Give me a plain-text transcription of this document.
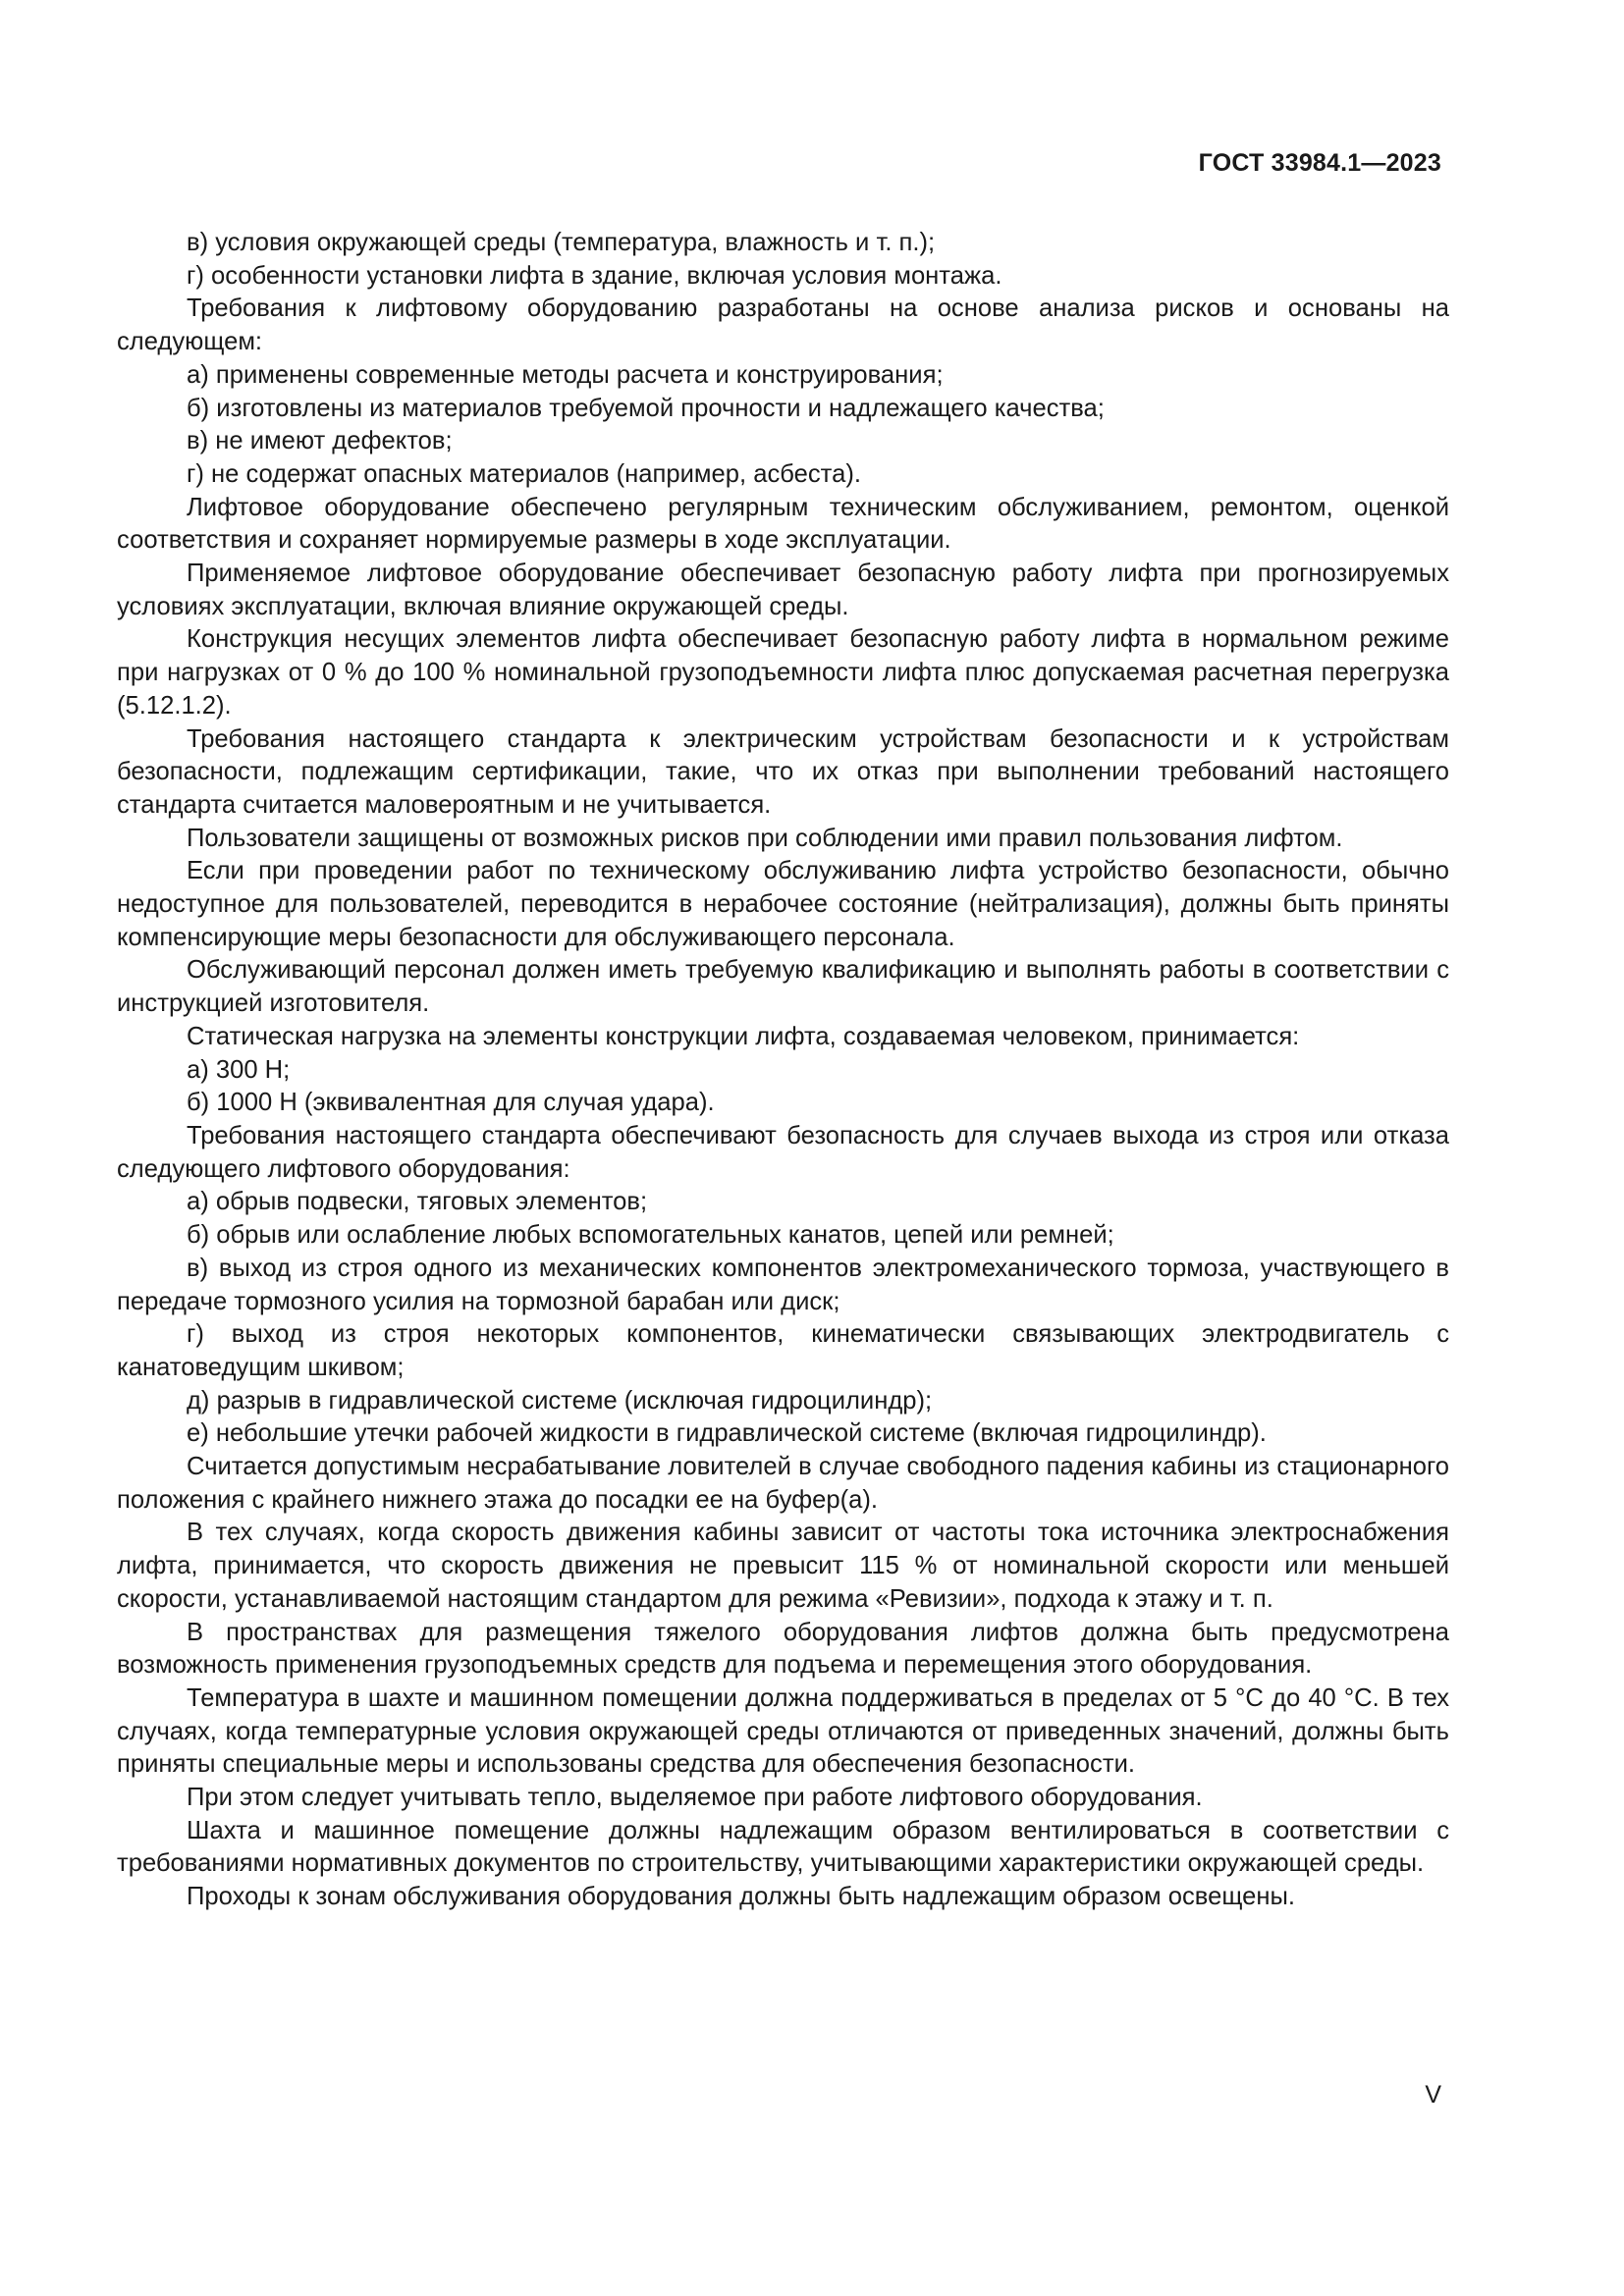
ГОСТ 33984.1—2023

в) условия окружающей среды (температура, влажность и т. п.);

г) особенности установки лифта в здание, включая условия монтажа.

Требования к лифтовому оборудованию разработаны на основе анализа рисков и основаны на следующем:

а) применены современные методы расчета и конструирования;

б) изготовлены из материалов требуемой прочности и надлежащего качества;

в) не имеют дефектов;

г) не содержат опасных материалов (например, асбеста).

Лифтовое оборудование обеспечено регулярным техническим обслуживанием, ремонтом, оценкой соответствия и сохраняет нормируемые размеры в ходе эксплуатации.

Применяемое лифтовое оборудование обеспечивает безопасную работу лифта при прогнозируемых условиях эксплуатации, включая влияние окружающей среды.

Конструкция несущих элементов лифта обеспечивает безопасную работу лифта в нормальном режиме при нагрузках от 0 % до 100 % номинальной грузоподъемности лифта плюс допускаемая расчетная перегрузка (5.12.1.2).

Требования настоящего стандарта к электрическим устройствам безопасности и к устройствам безопасности, подлежащим сертификации, такие, что их отказ при выполнении требований настоящего стандарта считается маловероятным и не учитывается.

Пользователи защищены от возможных рисков при соблюдении ими правил пользования лифтом.

Если при проведении работ по техническому обслуживанию лифта устройство безопасности, обычно недоступное для пользователей, переводится в нерабочее состояние (нейтрализация), должны быть приняты компенсирующие меры безопасности для обслуживающего персонала.

Обслуживающий персонал должен иметь требуемую квалификацию и выполнять работы в соответствии с инструкцией изготовителя.

Статическая нагрузка на элементы конструкции лифта, создаваемая человеком, принимается:

а) 300 Н;

б) 1000 Н (эквивалентная для случая удара).

Требования настоящего стандарта обеспечивают безопасность для случаев выхода из строя или отказа следующего лифтового оборудования:

а) обрыв подвески, тяговых элементов;

б) обрыв или ослабление любых вспомогательных канатов, цепей или ремней;

в) выход из строя одного из механических компонентов электромеханического тормоза, участвующего в передаче тормозного усилия на тормозной барабан или диск;

г) выход из строя некоторых компонентов, кинематически связывающих электродвигатель с канатоведущим шкивом;

д) разрыв в гидравлической системе (исключая гидроцилиндр);

е) небольшие утечки рабочей жидкости в гидравлической системе (включая гидроцилиндр).

Считается допустимым несрабатывание ловителей в случае свободного падения кабины из стационарного положения с крайнего нижнего этажа до посадки ее на буфер(а).

В тех случаях, когда скорость движения кабины зависит от частоты тока источника электроснабжения лифта, принимается, что скорость движения не превысит 115 % от номинальной скорости или меньшей скорости, устанавливаемой настоящим стандартом для режима «Ревизии», подхода к этажу и т. п.

В пространствах для размещения тяжелого оборудования лифтов должна быть предусмотрена возможность применения грузоподъемных средств для подъема и перемещения этого оборудования.

Температура в шахте и машинном помещении должна поддерживаться в пределах от 5 °С до 40 °С. В тех случаях, когда температурные условия окружающей среды отличаются от приведенных значений, должны быть приняты специальные меры и использованы средства для обеспечения безопасности.

При этом следует учитывать тепло, выделяемое при работе лифтового оборудования.

Шахта и машинное помещение должны надлежащим образом вентилироваться в соответствии с требованиями нормативных документов по строительству, учитывающими характеристики окружающей среды.

Проходы к зонам обслуживания оборудования должны быть надлежащим образом освещены.

V
